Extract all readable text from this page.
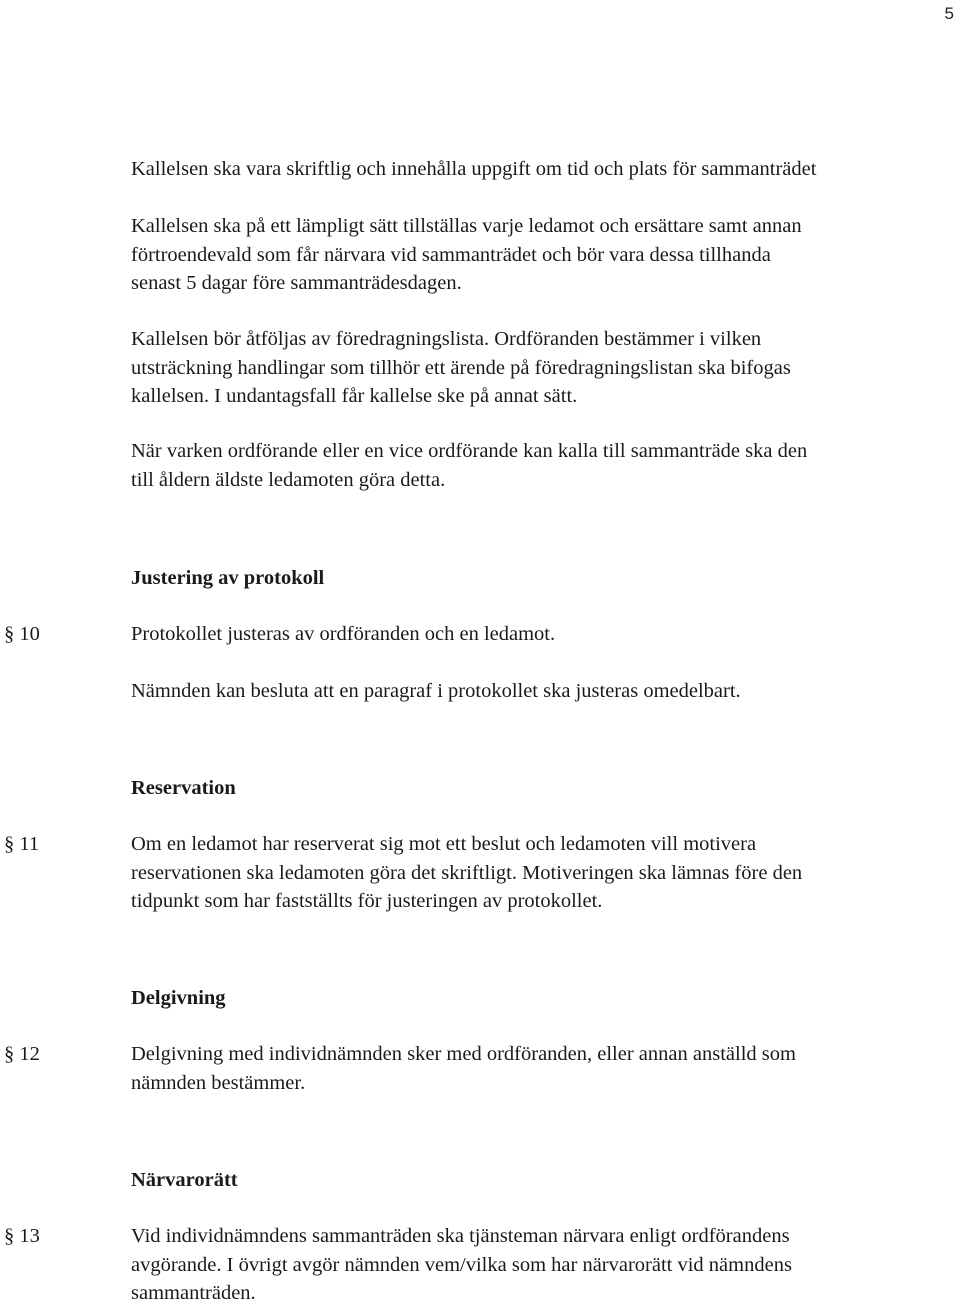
5
Kallelsen ska vara skriftlig och innehålla uppgift om tid och plats för sammanträdet
Kallelsen ska på ett lämpligt sätt tillställas varje ledamot och ersättare samt annan
förtroendevald som får närvara vid sammanträdet och bör vara dessa tillhanda
senast 5 dagar före sammanträdesdagen.
Kallelsen bör åtföljas av föredragningslista. Ordföranden bestämmer i vilken
utsträckning handlingar som tillhör ett ärende på föredragningslistan ska bifogas
kallelsen. I undantagsfall får kallelse ske på annat sätt.
När varken ordförande eller en vice ordförande kan kalla till sammanträde ska den
till åldern äldste ledamoten göra detta.
Justering av protokoll
§ 10	Protokollet justeras av ordföranden och en ledamot.
Nämnden kan besluta att en paragraf i protokollet ska justeras omedelbart.
Reservation
§ 11	Om en ledamot har reserverat sig mot ett beslut och ledamoten vill motivera
reservationen ska ledamoten göra det skriftligt. Motiveringen ska lämnas före den
tidpunkt som har fastställts för justeringen av protokollet.
Delgivning
§ 12	Delgivning med individnämnden sker med ordföranden, eller annan anställd som
nämnden bestämmer.
Närvarorätt
§ 13	Vid individnämndens sammanträden ska tjänsteman närvara enligt ordförandens
avgörande. I övrigt avgör nämnden vem/vilka som har närvarorätt vid nämndens
sammanträden.
